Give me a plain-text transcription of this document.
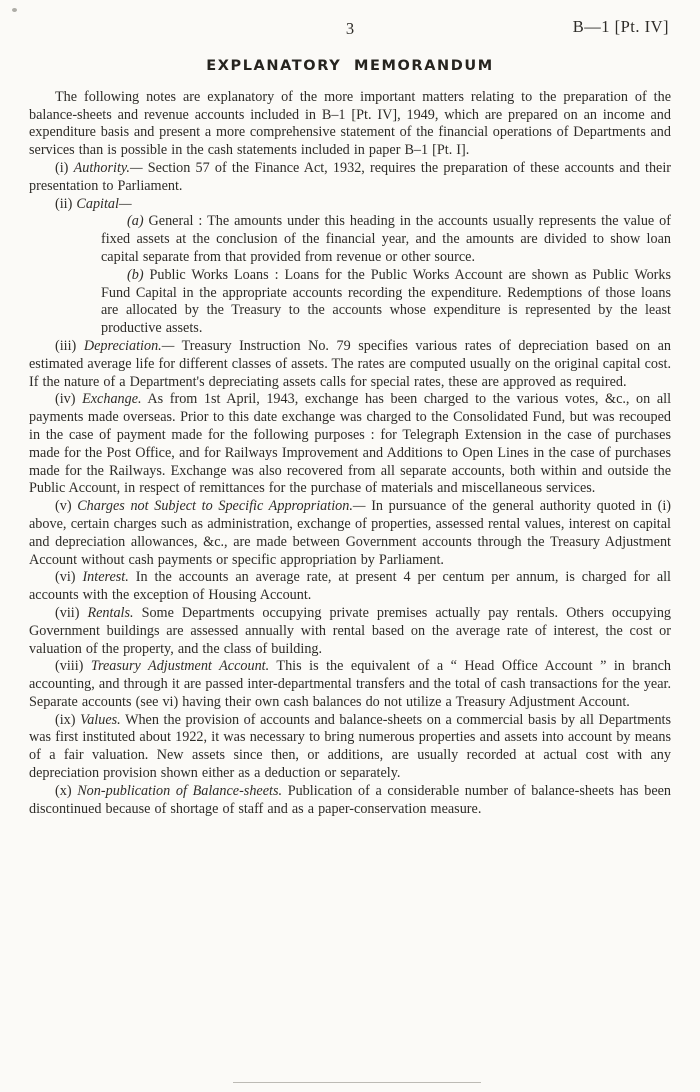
3	B—1 [Pt. IV]
EXPLANATORY MEMORANDUM

The following notes are explanatory of the more important matters relating to the preparation of the balance-sheets and revenue accounts included in B–1 [Pt. IV], 1949, which are prepared on an income and expenditure basis and present a more comprehensive statement of the financial operations of Departments and services than is possible in the cash statements included in paper B–1 [Pt. I].

(i) Authority.— Section 57 of the Finance Act, 1932, requires the preparation of these accounts and their presentation to Parliament.

(ii) Capital—

(a) General : The amounts under this heading in the accounts usually represents the value of fixed assets at the conclusion of the financial year, and the amounts are divided to show loan capital separate from that provided from revenue or other source.

(b) Public Works Loans : Loans for the Public Works Account are shown as Public Works Fund Capital in the appropriate accounts recording the expenditure. Redemptions of those loans are allocated by the Treasury to the accounts whose expenditure is represented by the least productive assets.

(iii) Depreciation.— Treasury Instruction No. 79 specifies various rates of depreciation based on an estimated average life for different classes of assets. The rates are computed usually on the original capital cost. If the nature of a Department's depreciating assets calls for special rates, these are approved as required.

(iv) Exchange. As from 1st April, 1943, exchange has been charged to the various votes, &c., on all payments made overseas. Prior to this date exchange was charged to the Consolidated Fund, but was recouped in the case of payment made for the following purposes : for Telegraph Extension in the case of purchases made for the Post Office, and for Railways Improvement and Additions to Open Lines in the case of purchases made for the Railways. Exchange was also recovered from all separate accounts, both within and outside the Public Account, in respect of remittances for the purchase of materials and miscellaneous services.

(v) Charges not Subject to Specific Appropriation.— In pursuance of the general authority quoted in (i) above, certain charges such as administration, exchange of properties, assessed rental values, interest on capital and depreciation allowances, &c., are made between Government accounts through the Treasury Adjustment Account without cash payments or specific appropriation by Parliament.

(vi) Interest. In the accounts an average rate, at present 4 per centum per annum, is charged for all accounts with the exception of Housing Account.

(vii) Rentals. Some Departments occupying private premises actually pay rentals. Others occupying Government buildings are assessed annually with rental based on the average rate of interest, the cost or valuation of the property, and the class of building.

(viii) Treasury Adjustment Account. This is the equivalent of a “ Head Office Account ” in branch accounting, and through it are passed inter-departmental transfers and the total of cash transactions for the year. Separate accounts (see vi) having their own cash balances do not utilize a Treasury Adjustment Account.

(ix) Values. When the provision of accounts and balance-sheets on a commercial basis by all Departments was first instituted about 1922, it was necessary to bring numerous properties and assets into account by means of a fair valuation. New assets since then, or additions, are usually recorded at actual cost with any depreciation provision shown either as a deduction or separately.

(x) Non-publication of Balance-sheets. Publication of a considerable number of balance-sheets has been discontinued because of shortage of staff and as a paper-conservation measure.
